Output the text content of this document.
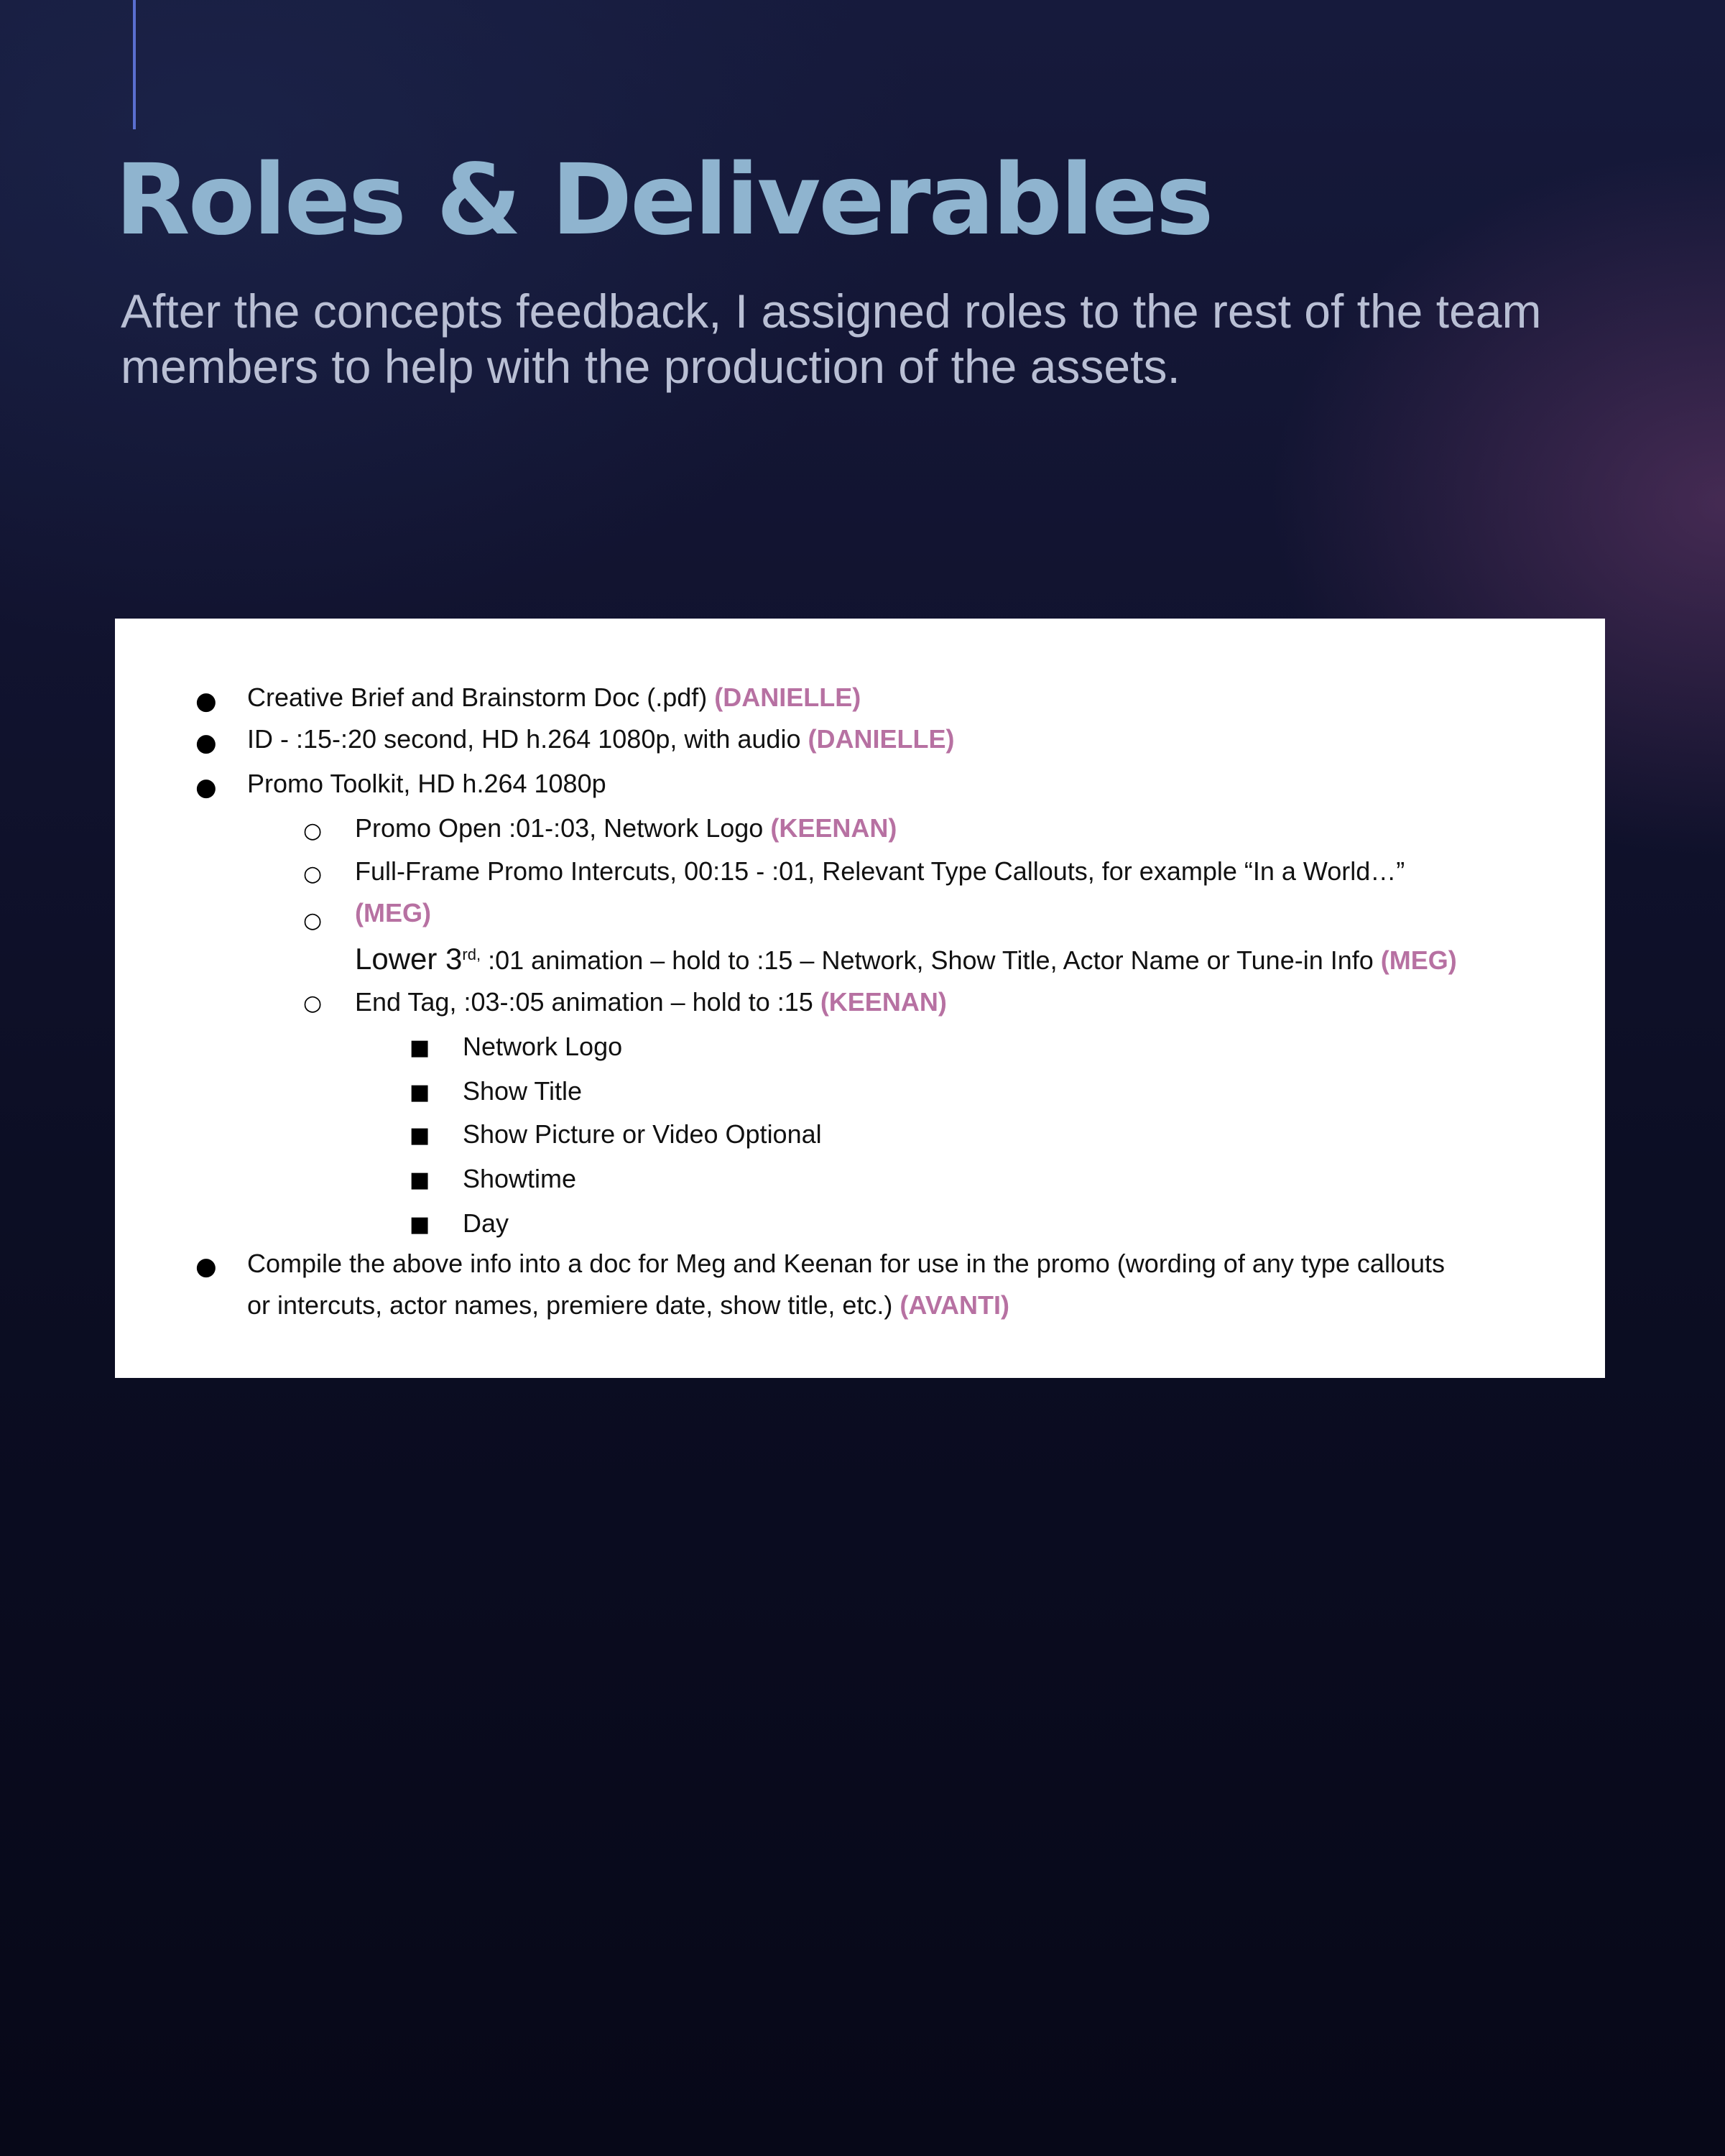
Roles & Deliverables

After the concepts feedback, I assigned roles to the rest of the team members to help with the production of the assets.

● Creative Brief and Brainstorm Doc (.pdf) (DANIELLE)
● ID - :15-:20 second, HD h.264 1080p, with audio (DANIELLE)
● Promo Toolkit, HD h.264 1080p
○ Promo Open :01-:03, Network Logo (KEENAN)
○ Full-Frame Promo Intercuts, 00:15 - :01, Relevant Type Callouts, for example “In a World…”
(MEG)
○
Lower $3^{rd,}$ :01 animation – hold to :15 – Network, Show Title, Actor Name or Tune-in Info (MEG)
○ End Tag, :03-:05 animation – hold to :15 (KEENAN)
■ Network Logo
■ Show Title
■ Show Picture or Video Optional
■ Showtime
■ Day
● Compile the above info into a doc for Meg and Keenan for use in the promo (wording of any type callouts
or intercuts, actor names, premiere date, show title, etc.) (AVANTI)
